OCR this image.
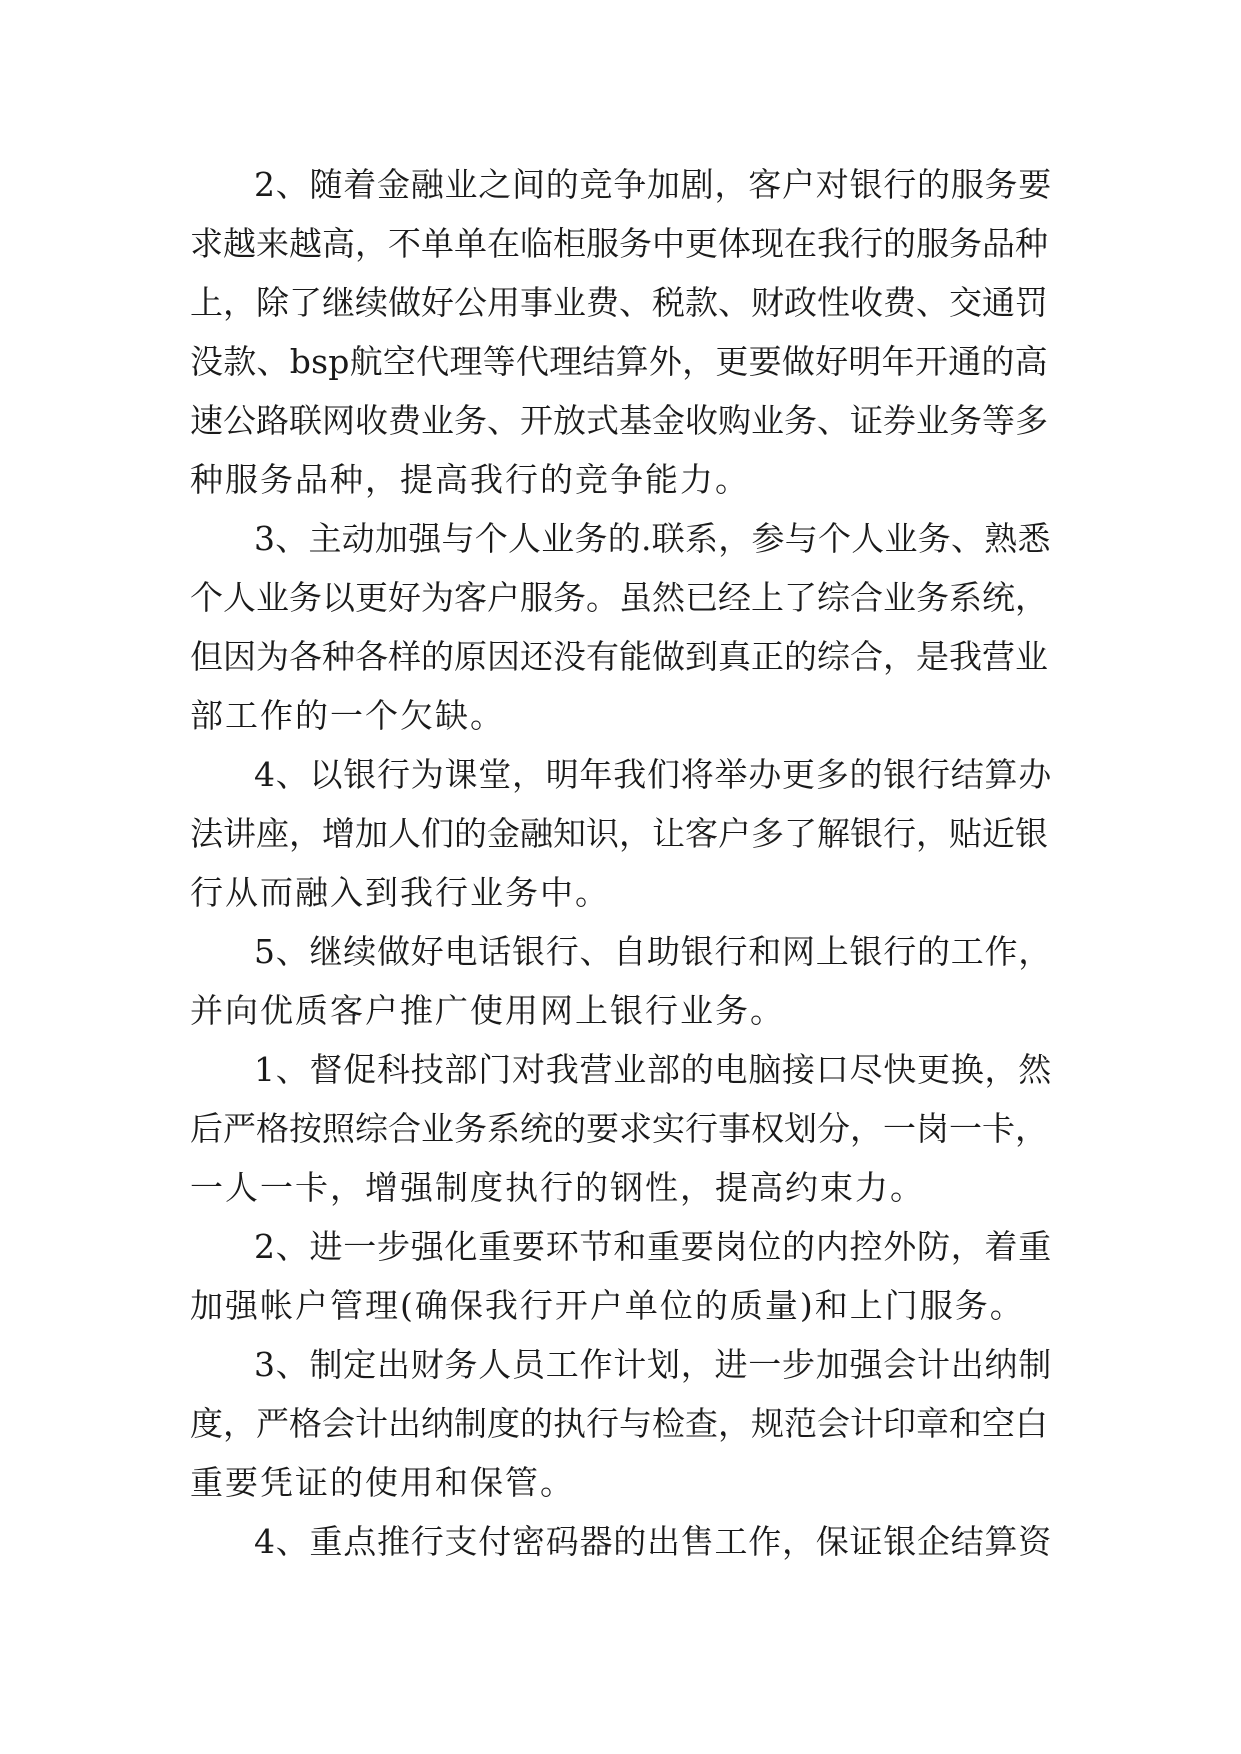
2、随着金融业之间的竞争加剧，客户对银行的服务要

求越来越高，不单单在临柜服务中更体现在我行的服务品种

上，除了继续做好公用事业费、税款、财政性收费、交通罚

没款、bsp航空代理等代理结算外，更要做好明年开通的高

速公路联网收费业务、开放式基金收购业务、证券业务等多

种服务品种，提高我行的竞争能力。

3、主动加强与个人业务的.联系，参与个人业务、熟悉

个人业务以更好为客户服务。虽然已经上了综合业务系统，

但因为各种各样的原因还没有能做到真正的综合，是我营业

部工作的一个欠缺。

4、以银行为课堂，明年我们将举办更多的银行结算办

法讲座，增加人们的金融知识，让客户多了解银行，贴近银

行从而融入到我行业务中。

5、继续做好电话银行、自助银行和网上银行的工作，

并向优质客户推广使用网上银行业务。

1、督促科技部门对我营业部的电脑接口尽快更换，然

后严格按照综合业务系统的要求实行事权划分，一岗一卡，

一人一卡，增强制度执行的钢性，提高约束力。

2、进一步强化重要环节和重要岗位的内控外防，着重

加强帐户管理(确保我行开户单位的质量)和上门服务。

3、制定出财务人员工作计划，进一步加强会计出纳制

度，严格会计出纳制度的执行与检查，规范会计印章和空白

重要凭证的使用和保管。

4、重点推行支付密码器的出售工作，保证银企结算资
